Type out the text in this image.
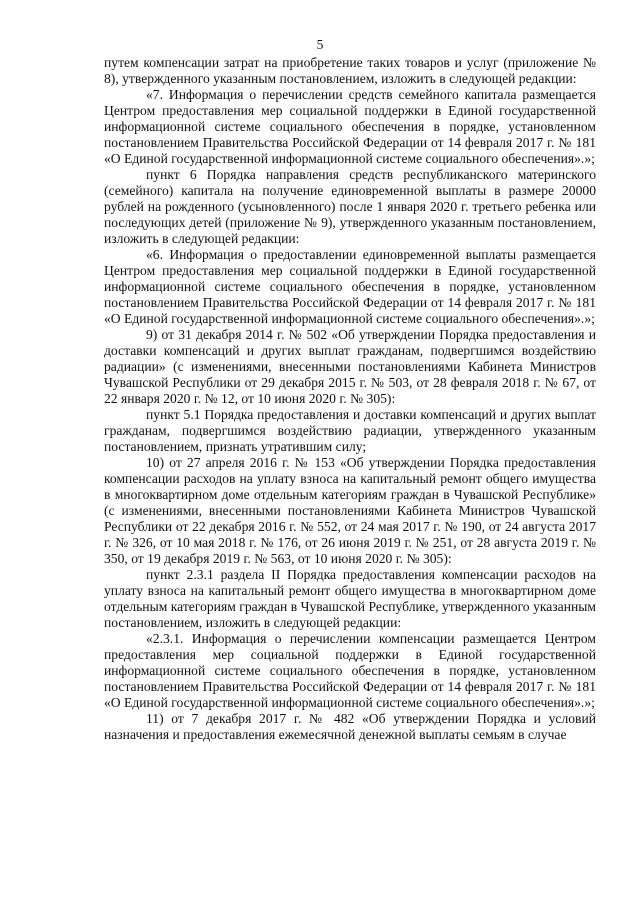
5

путем компенсации затрат на приобретение таких товаров и услуг (приложение № 8), утвержденного указанным постановлением, изложить в следующей редакции:

«7. Информация о перечислении средств семейного капитала размещается Центром предоставления мер социальной поддержки в Единой государственной информационной системе социального обеспечения в порядке, установленном постановлением Правительства Российской Федерации от 14 февраля 2017 г. № 181 «О Единой государственной информационной системе социального обеспечения».»;

пункт 6 Порядка направления средств республиканского материнского (семейного) капитала на получение единовременной выплаты в размере 20000 рублей на рожденного (усыновленного) после 1 января 2020 г. третьего ребенка или последующих детей (приложение № 9), утвержденного указанным постановлением, изложить в следующей редакции:

«6. Информация о предоставлении единовременной выплаты размещается Центром предоставления мер социальной поддержки в Единой государственной информационной системе социального обеспечения в порядке, установленном постановлением Правительства Российской Федерации от 14 февраля 2017 г. № 181 «О Единой государственной информационной системе социального обеспечения».»;

9) от 31 декабря 2014 г. № 502 «Об утверждении Порядка предоставления и доставки компенсаций и других выплат гражданам, подвергшимся воздействию радиации» (с изменениями, внесенными постановлениями Кабинета Министров Чувашской Республики от 29 декабря 2015 г. № 503, от 28 февраля 2018 г. № 67, от 22 января 2020 г. № 12, от 10 июня 2020 г. № 305):

пункт 5.1 Порядка предоставления и доставки компенсаций и других выплат гражданам, подвергшимся воздействию радиации, утвержденного указанным постановлением, признать утратившим силу;

10) от 27 апреля 2016 г. № 153 «Об утверждении Порядка предоставления компенсации расходов на уплату взноса на капитальный ремонт общего имущества в многоквартирном доме отдельным категориям граждан в Чувашской Республике» (с изменениями, внесенными постановлениями Кабинета Министров Чувашской Республики от 22 декабря 2016 г. № 552, от 24 мая 2017 г. № 190, от 24 августа 2017 г. № 326, от 10 мая 2018 г. № 176, от 26 июня 2019 г. № 251, от 28 августа 2019 г. № 350, от 19 декабря 2019 г. № 563, от 10 июня 2020 г. № 305):

пункт 2.3.1 раздела II Порядка предоставления компенсации расходов на уплату взноса на капитальный ремонт общего имущества в многоквартирном доме отдельным категориям граждан в Чувашской Республике, утвержденного указанным постановлением, изложить в следующей редакции:

«2.3.1. Информация о перечислении компенсации размещается Центром предоставления мер социальной поддержки в Единой государственной информационной системе социального обеспечения в порядке, установленном постановлением Правительства Российской Федерации от 14 февраля 2017 г. № 181 «О Единой государственной информационной системе социального обеспечения».»;

11) от 7 декабря 2017 г. № 482 «Об утверждении Порядка и условий назначения и предоставления ежемесячной денежной выплаты семьям в случае
